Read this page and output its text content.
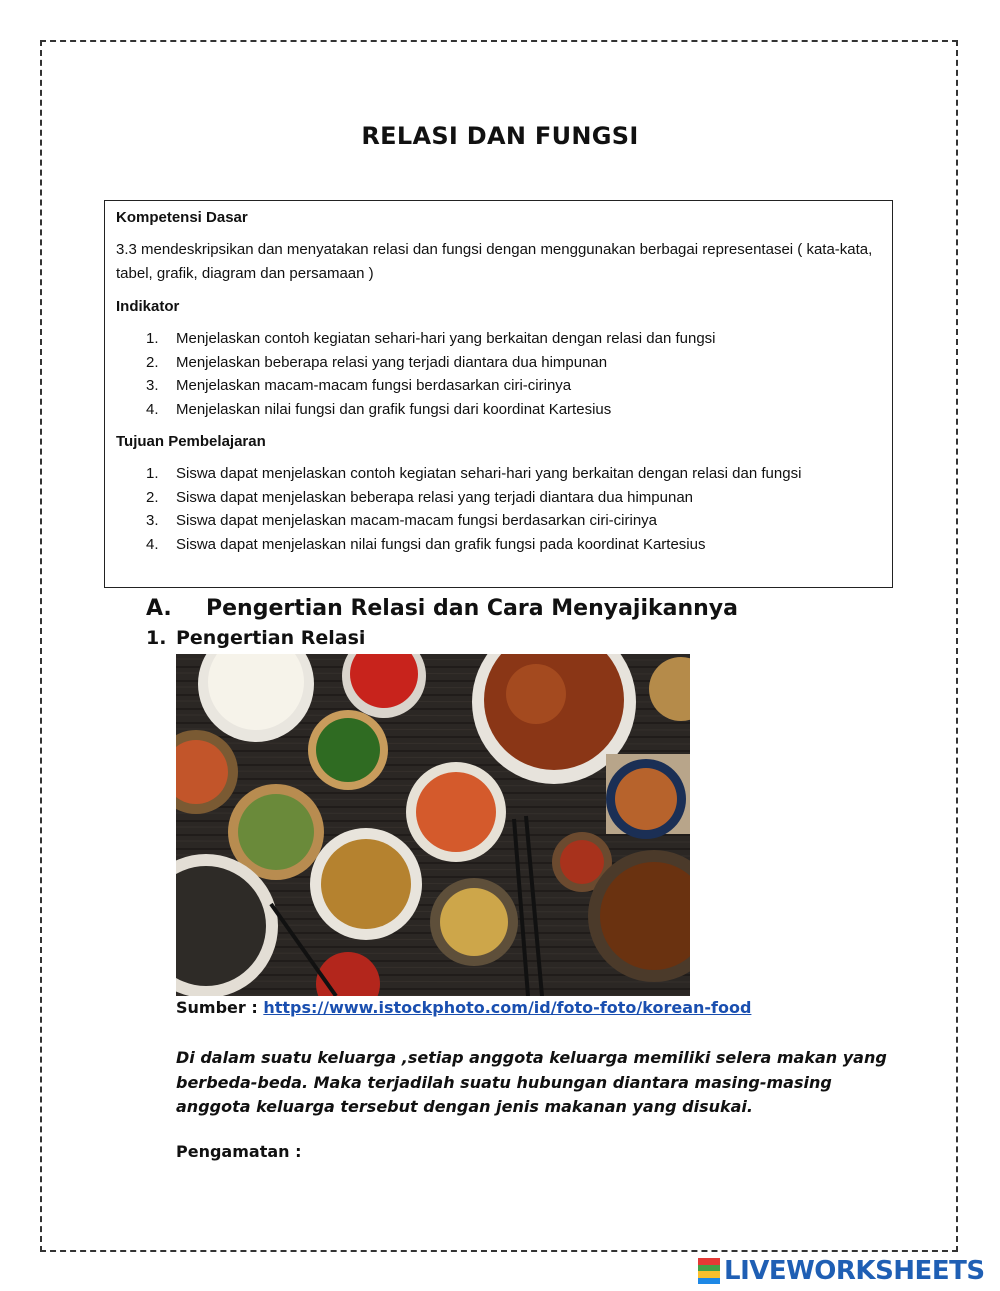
RELASI DAN FUNGSI
Kompetensi Dasar

3.3 mendeskripsikan dan menyatakan relasi dan fungsi dengan menggunakan berbagai representasei ( kata-kata, tabel, grafik, diagram dan persamaan )

Indikator
1.	Menjelaskan contoh kegiatan sehari-hari yang berkaitan dengan relasi dan fungsi
2.	Menjelaskan beberapa relasi yang terjadi diantara dua himpunan
3.	Menjelaskan macam-macam fungsi berdasarkan ciri-cirinya
4.	Menjelaskan nilai fungsi dan grafik fungsi dari koordinat Kartesius
Tujuan Pembelajaran
1.	Siswa dapat menjelaskan contoh kegiatan sehari-hari yang berkaitan dengan relasi dan fungsi
2.	Siswa dapat menjelaskan beberapa relasi yang terjadi diantara dua himpunan
3.	Siswa dapat menjelaskan macam-macam fungsi berdasarkan ciri-cirinya
4.	Siswa dapat menjelaskan nilai fungsi dan grafik fungsi pada koordinat Kartesius
A.	Pengertian Relasi dan Cara Menyajikannya
1. Pengertian Relasi
Sumber : https://www.istockphoto.com/id/foto-foto/korean-food
Di dalam suatu keluarga ,setiap anggota keluarga memiliki selera makan yang berbeda-beda. Maka terjadilah suatu hubungan diantara masing-masing anggota keluarga tersebut dengan jenis makanan yang disukai.
Pengamatan :
LIVEWORKSHEETS
